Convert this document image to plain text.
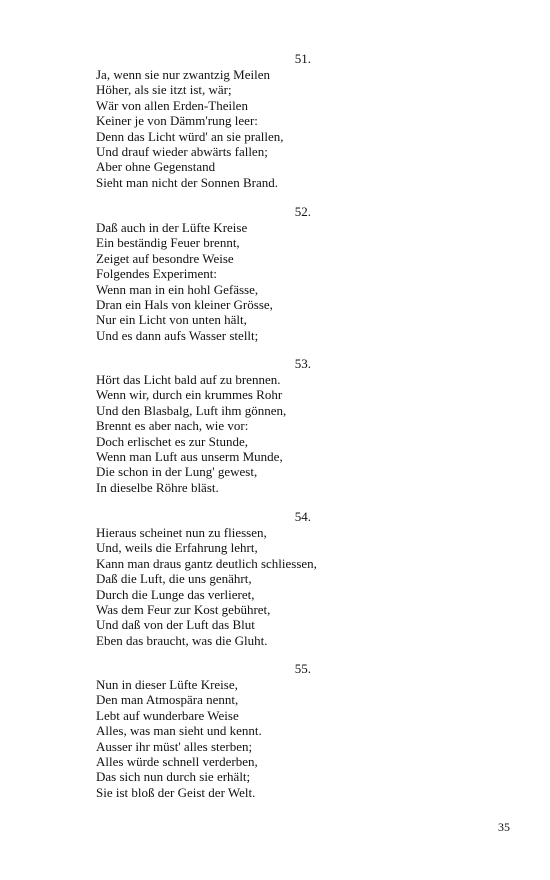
51.
Ja, wenn sie nur zwantzig Meilen
Höher, als sie itzt ist, wär;
Wär von allen Erden-Theilen
Keiner je von Dämm'rung leer:
Denn das Licht würd' an sie prallen,
Und drauf wieder abwärts fallen;
Aber ohne Gegenstand
Sieht man nicht der Sonnen Brand.
52.
Daß auch in der Lüfte Kreise
Ein beständig Feuer brennt,
Zeiget auf besondre Weise
Folgendes Experiment:
Wenn man in ein hohl Gefässe,
Dran ein Hals von kleiner Grösse,
Nur ein Licht von unten hält,
Und es dann aufs Wasser stellt;
53.
Hört das Licht bald auf zu brennen.
Wenn wir, durch ein krummes Rohr
Und den Blasbalg, Luft ihm gönnen,
Brennt es aber nach, wie vor:
Doch erlischet es zur Stunde,
Wenn man Luft aus unserm Munde,
Die schon in der Lung' gewest,
In dieselbe Röhre bläst.
54.
Hieraus scheinet nun zu fliessen,
Und, weils die Erfahrung lehrt,
Kann man draus gantz deutlich schliessen,
Daß die Luft, die uns genährt,
Durch die Lunge das verlieret,
Was dem Feur zur Kost gebühret,
Und daß von der Luft das Blut
Eben das braucht, was die Gluht.
55.
Nun in dieser Lüfte Kreise,
Den man Atmospära nennt,
Lebt auf wunderbare Weise
Alles, was man sieht und kennt.
Ausser ihr müst' alles sterben;
Alles würde schnell verderben,
Das sich nun durch sie erhält;
Sie ist bloß der Geist der Welt.
35
